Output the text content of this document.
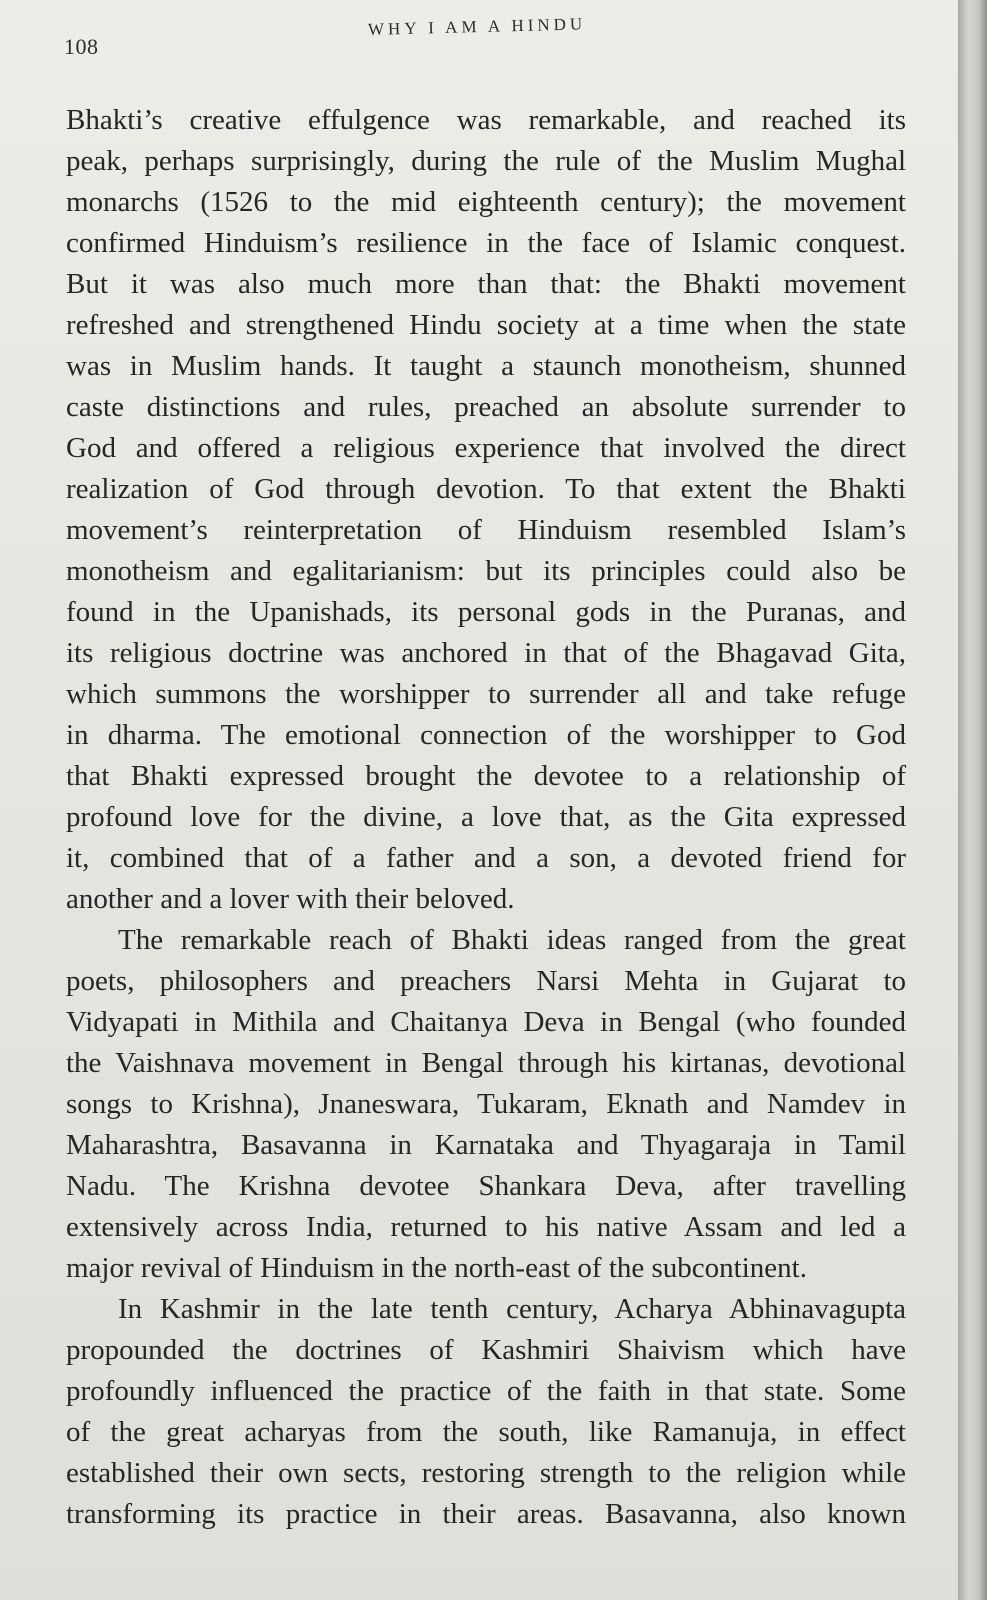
108
WHY I AM A HINDU
Bhakti’s creative effulgence was remarkable, and reached its
peak, perhaps surprisingly, during the rule of the Muslim Mughal
monarchs (1526 to the mid eighteenth century); the movement
confirmed Hinduism’s resilience in the face of Islamic conquest.
But it was also much more than that: the Bhakti movement
refreshed and strengthened Hindu society at a time when the state
was in Muslim hands. It taught a staunch monotheism, shunned
caste distinctions and rules, preached an absolute surrender to
God and offered a religious experience that involved the direct
realization of God through devotion. To that extent the Bhakti
movement’s reinterpretation of Hinduism resembled Islam’s
monotheism and egalitarianism: but its principles could also be
found in the Upanishads, its personal gods in the Puranas, and
its religious doctrine was anchored in that of the Bhagavad Gita,
which summons the worshipper to surrender all and take refuge
in dharma. The emotional connection of the worshipper to God
that Bhakti expressed brought the devotee to a relationship of
profound love for the divine, a love that, as the Gita expressed
it, combined that of a father and a son, a devoted friend for
another and a lover with their beloved.
The remarkable reach of Bhakti ideas ranged from the great
poets, philosophers and preachers Narsi Mehta in Gujarat to
Vidyapati in Mithila and Chaitanya Deva in Bengal (who founded
the Vaishnava movement in Bengal through his kirtanas, devotional
songs to Krishna), Jnaneswara, Tukaram, Eknath and Namdev in
Maharashtra, Basavanna in Karnataka and Thyagaraja in Tamil
Nadu. The Krishna devotee Shankara Deva, after travelling
extensively across India, returned to his native Assam and led a
major revival of Hinduism in the north-east of the subcontinent.
In Kashmir in the late tenth century, Acharya Abhinavagupta
propounded the doctrines of Kashmiri Shaivism which have
profoundly influenced the practice of the faith in that state. Some
of the great acharyas from the south, like Ramanuja, in effect
established their own sects, restoring strength to the religion while
transforming its practice in their areas. Basavanna, also known
